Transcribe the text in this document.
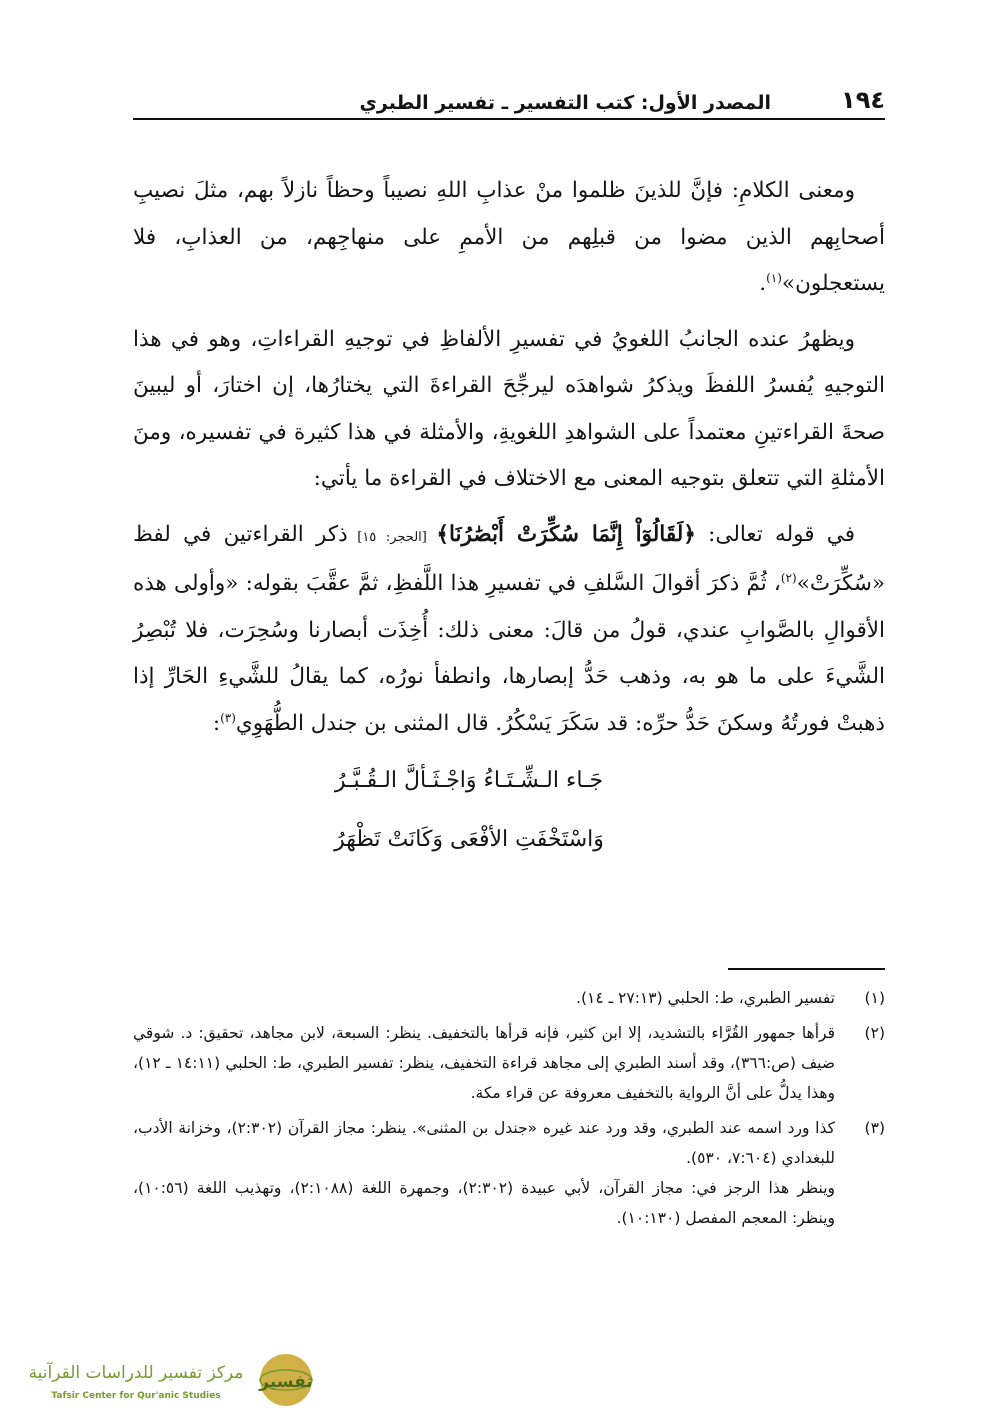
١٩٤
المصدر الأول: كتب التفسير ـ تفسير الطبري

ومعنى الكلامِ: فإنَّ للذينَ ظلموا منْ عذابِ اللهِ نصيباً وحظاً نازلاً بهم، مثلَ نصيبِ أصحابِهم الذين مضوا من قبلِهم من الأممِ على منهاجِهم، من العذابِ، فلا يستعجلون»$^{(١)}$.

ويظهرُ عنده الجانبُ اللغويُ في تفسيرِ الألفاظِ في توجيهِ القراءاتِ، وهو في هذا التوجيهِ يُفسرُ اللفظَ ويذكرُ شواهدَه ليرجِّحَ القراءةَ التي يختارُها، إن اختارَ، أو ليبينَ صحةَ القراءتينِ معتمداً على الشواهدِ اللغويةِ، والأمثلة في هذا كثيرة في تفسيره، ومنَ الأمثلةِ التي تتعلق بتوجيه المعنى مع الاختلاف في القراءة ما يأتي:

في قوله تعالى: ﴿لَقَالُوٓاْ إِنَّمَا سُكِّرَتْ أَبْصَٰرُنَا﴾ [الحجر: ١٥] ذكر القراءتين في لفظ «سُكِّرَتْ»$^{(٢)}$، ثُمَّ ذكرَ أقوالَ السَّلفِ في تفسيرِ هذا اللَّفظِ، ثمَّ عقَّبَ بقوله: «وأولى هذه الأقوالِ بالصَّوابِ عندي، قولُ من قالَ: معنى ذلك: أُخِذَت أبصارنا وسُحِرَت، فلا تُبْصِرُ الشَّيءَ على ما هو به، وذهب حَدُّ إبصارها، وانطفأ نورُه، كما يقالُ للشَّيءِ الحَارِّ إذا ذهبتْ فورتُهُ وسكنَ حَدُّ حرِّه: قد سَكَرَ يَسْكُرُ. قال المثنى بن جندل الطُّهَوِي$^{(٣)}$:

جَـاء الـشِّـتَـاءُ وَاجْـثَـألَّ الـقُـبَّـرُ

وَاسْتَخْفَتِ الأفْعَى وَكَانَتْ تَظْهَرُ

(١)
تفسير الطبري، ط: الحلبي (٢٧:١٣ ـ ١٤).
(٢)
قرأها جمهور القُرَّاء بالتشديد، إلا ابن كثير، فإنه قرأها بالتخفيف. ينظر: السبعة، لابن مجاهد، تحقيق: د. شوقي ضيف (ص:٣٦٦)، وقد أسند الطبري إلى مجاهد قراءة التخفيف، ينظر: تفسير الطبري، ط: الحلبي (١٤:١١ ـ ١٢)، وهذا يدلُّ على أنَّ الرواية بالتخفيف معروفة عن قراء مكة.
(٣)
كذا ورد اسمه عند الطبري، وقد ورد عند غيره «جندل بن المثنى». ينظر: مجاز القرآن (٢:٣٠٢)، وخزانة الأدب، للبغدادي (٧:٦٠٤، ٥٣٠).
وينظر هذا الرجز في: مجاز القرآن، لأبي عبيدة (٢:٣٠٢)، وجمهرة اللغة (٢:١٠٨٨)، وتهذيب اللغة (١٠:٥٦)، وينظر: المعجم المفصل (١٠:١٣٠).
تفسير
مركز تفسير للدراسات القرآنية
Tafsir Center for Qur'anic Studies
